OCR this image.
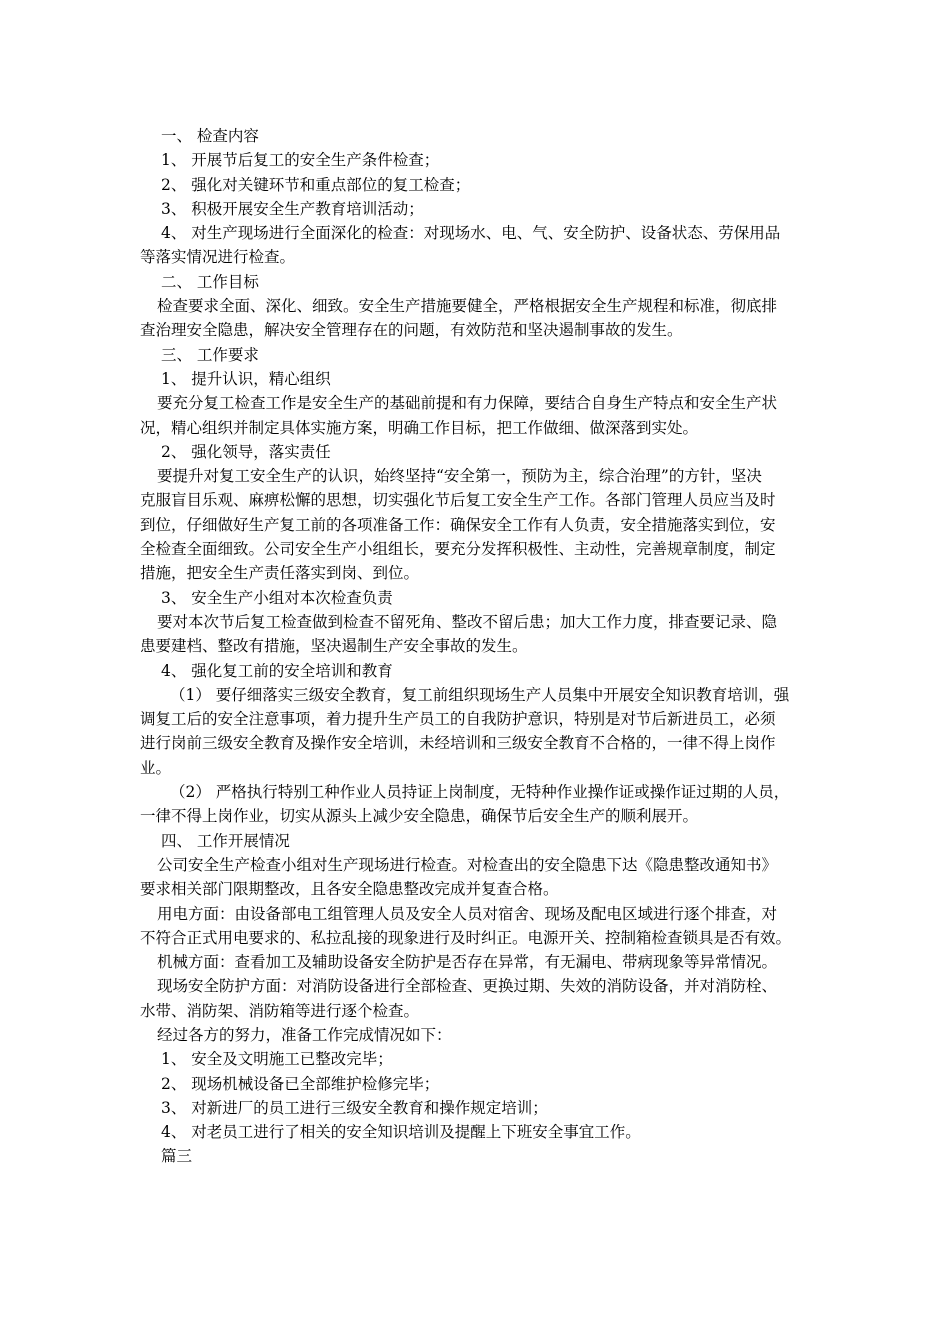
一、 检查内容
1、 开展节后复工的安全生产条件检查；
2、 强化对关键环节和重点部位的复工检查；
3、 积极开展安全生产教育培训活动；
4、 对生产现场进行全面深化的检查：对现场水、电、气、安全防护、设备状态、劳保用品
等落实情况进行检查。
二、 工作目标
检查要求全面、深化、细致。安全生产措施要健全，严格根据安全生产规程和标准，彻底排
查治理安全隐患，解决安全管理存在的问题，有效防范和坚决遏制事故的发生。
三、 工作要求
1、 提升认识，精心组织
要充分复工检查工作是安全生产的基础前提和有力保障，要结合自身生产特点和安全生产状
况，精心组织并制定具体实施方案，明确工作目标，把工作做细、做深落到实处。
2、 强化领导，落实责任
要提升对复工安全生产的认识，始终坚持“安全第一，预防为主，综合治理”的方针，坚决
克服盲目乐观、麻痹松懈的思想，切实强化节后复工安全生产工作。各部门管理人员应当及时
到位，仔细做好生产复工前的各项准备工作：确保安全工作有人负责，安全措施落实到位，安
全检查全面细致。公司安全生产小组组长，要充分发挥积极性、主动性，完善规章制度，制定
措施，把安全生产责任落实到岗、到位。
3、 安全生产小组对本次检查负责
要对本次节后复工检查做到检查不留死角、整改不留后患；加大工作力度，排查要记录、隐
患要建档、整改有措施，坚决遏制生产安全事故的发生。
4、 强化复工前的安全培训和教育
（1） 要仔细落实三级安全教育，复工前组织现场生产人员集中开展安全知识教育培训，强
调复工后的安全注意事项，着力提升生产员工的自我防护意识，特别是对节后新进员工，必须
进行岗前三级安全教育及操作安全培训，未经培训和三级安全教育不合格的，一律不得上岗作
业。
（2） 严格执行特别工种作业人员持证上岗制度，无特种作业操作证或操作证过期的人员，
一律不得上岗作业，切实从源头上减少安全隐患，确保节后安全生产的顺利展开。
四、 工作开展情况
公司安全生产检查小组对生产现场进行检查。对检查出的安全隐患下达《隐患整改通知书》
要求相关部门限期整改，且各安全隐患整改完成并复查合格。
用电方面：由设备部电工组管理人员及安全人员对宿舍、现场及配电区域进行逐个排查，对
不符合正式用电要求的、私拉乱接的现象进行及时纠正。电源开关、控制箱检查锁具是否有效。
机械方面：查看加工及辅助设备安全防护是否存在异常，有无漏电、带病现象等异常情况。
现场安全防护方面：对消防设备进行全部检查、更换过期、失效的消防设备，并对消防栓、
水带、消防架、消防箱等进行逐个检查。
经过各方的努力，准备工作完成情况如下：
1、 安全及文明施工已整改完毕；
2、 现场机械设备已全部维护检修完毕；
3、 对新进厂的员工进行三级安全教育和操作规定培训；
4、 对老员工进行了相关的安全知识培训及提醒上下班安全事宜工作。
篇三
